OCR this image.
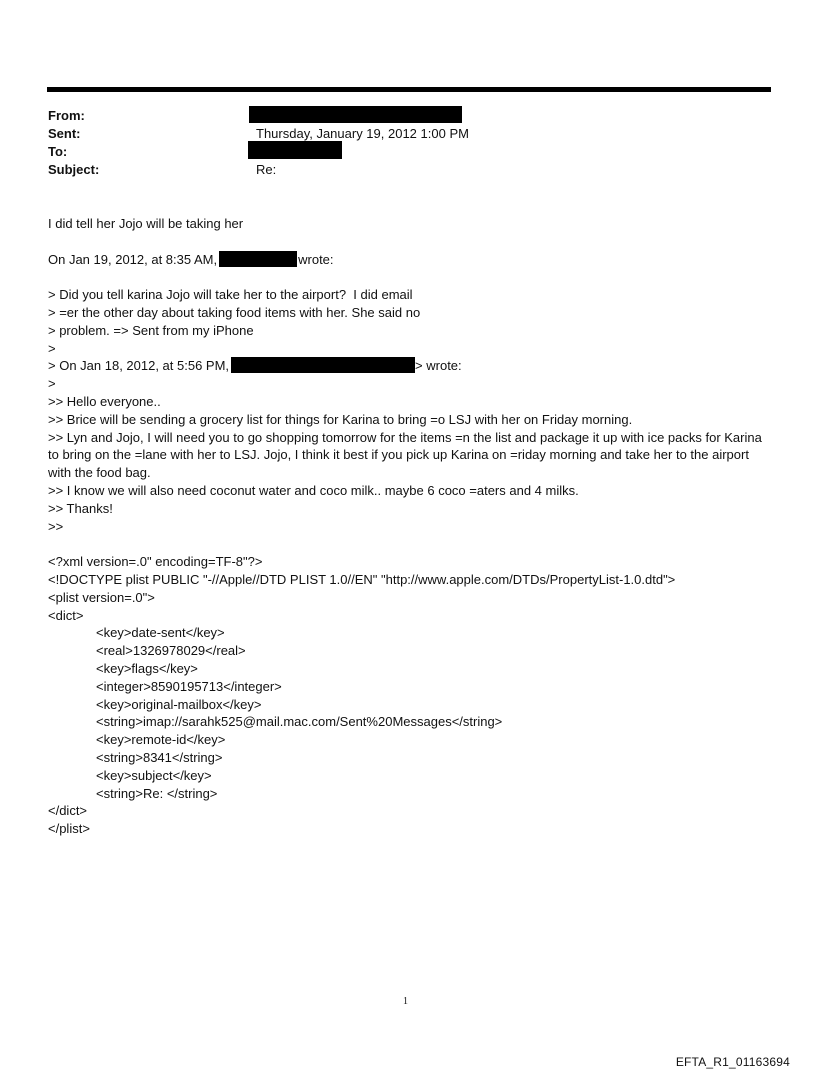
From:
Sent:	Thursday, January 19, 2012 1:00 PM
To:
Subject:	Re:
I did tell her Jojo will be taking her
On Jan 19, 2012, at 8:35 AM,	wrote:
> Did you tell karina Jojo will take her to the airport?  I did email
> =er the other day about taking food items with her. She said no
> problem. => Sent from my iPhone
>
> On Jan 18, 2012, at 5:56 PM,	> wrote:
>
>> Hello everyone..
>> Brice will be sending a grocery list for things for Karina to bring =o LSJ with her on Friday morning.
>> Lyn and Jojo, I will need you to go shopping tomorrow for the items =n the list and package it up with ice packs for Karina to bring on the =lane with her to LSJ. Jojo, I think it best if you pick up Karina on =riday morning and take her to the airport with the food bag.
>> I know we will also need coconut water and coco milk.. maybe 6 coco =aters and 4 milks.
>> Thanks!
>>
<?xml version=.0" encoding=TF-8"?>
<!DOCTYPE plist PUBLIC "-//Apple//DTD PLIST 1.0//EN" "http://www.apple.com/DTDs/PropertyList-1.0.dtd">
<plist version=.0">
<dict>
<key>date-sent</key>
<real>1326978029</real>
<key>flags</key>
<integer>8590195713</integer>
<key>original-mailbox</key>
<string>imap://sarahk525@mail.mac.com/Sent%20Messages</string>
<key>remote-id</key>
<string>8341</string>
<key>subject</key>
<string>Re: </string>
</dict>
</plist>
1
EFTA_R1_01163694
